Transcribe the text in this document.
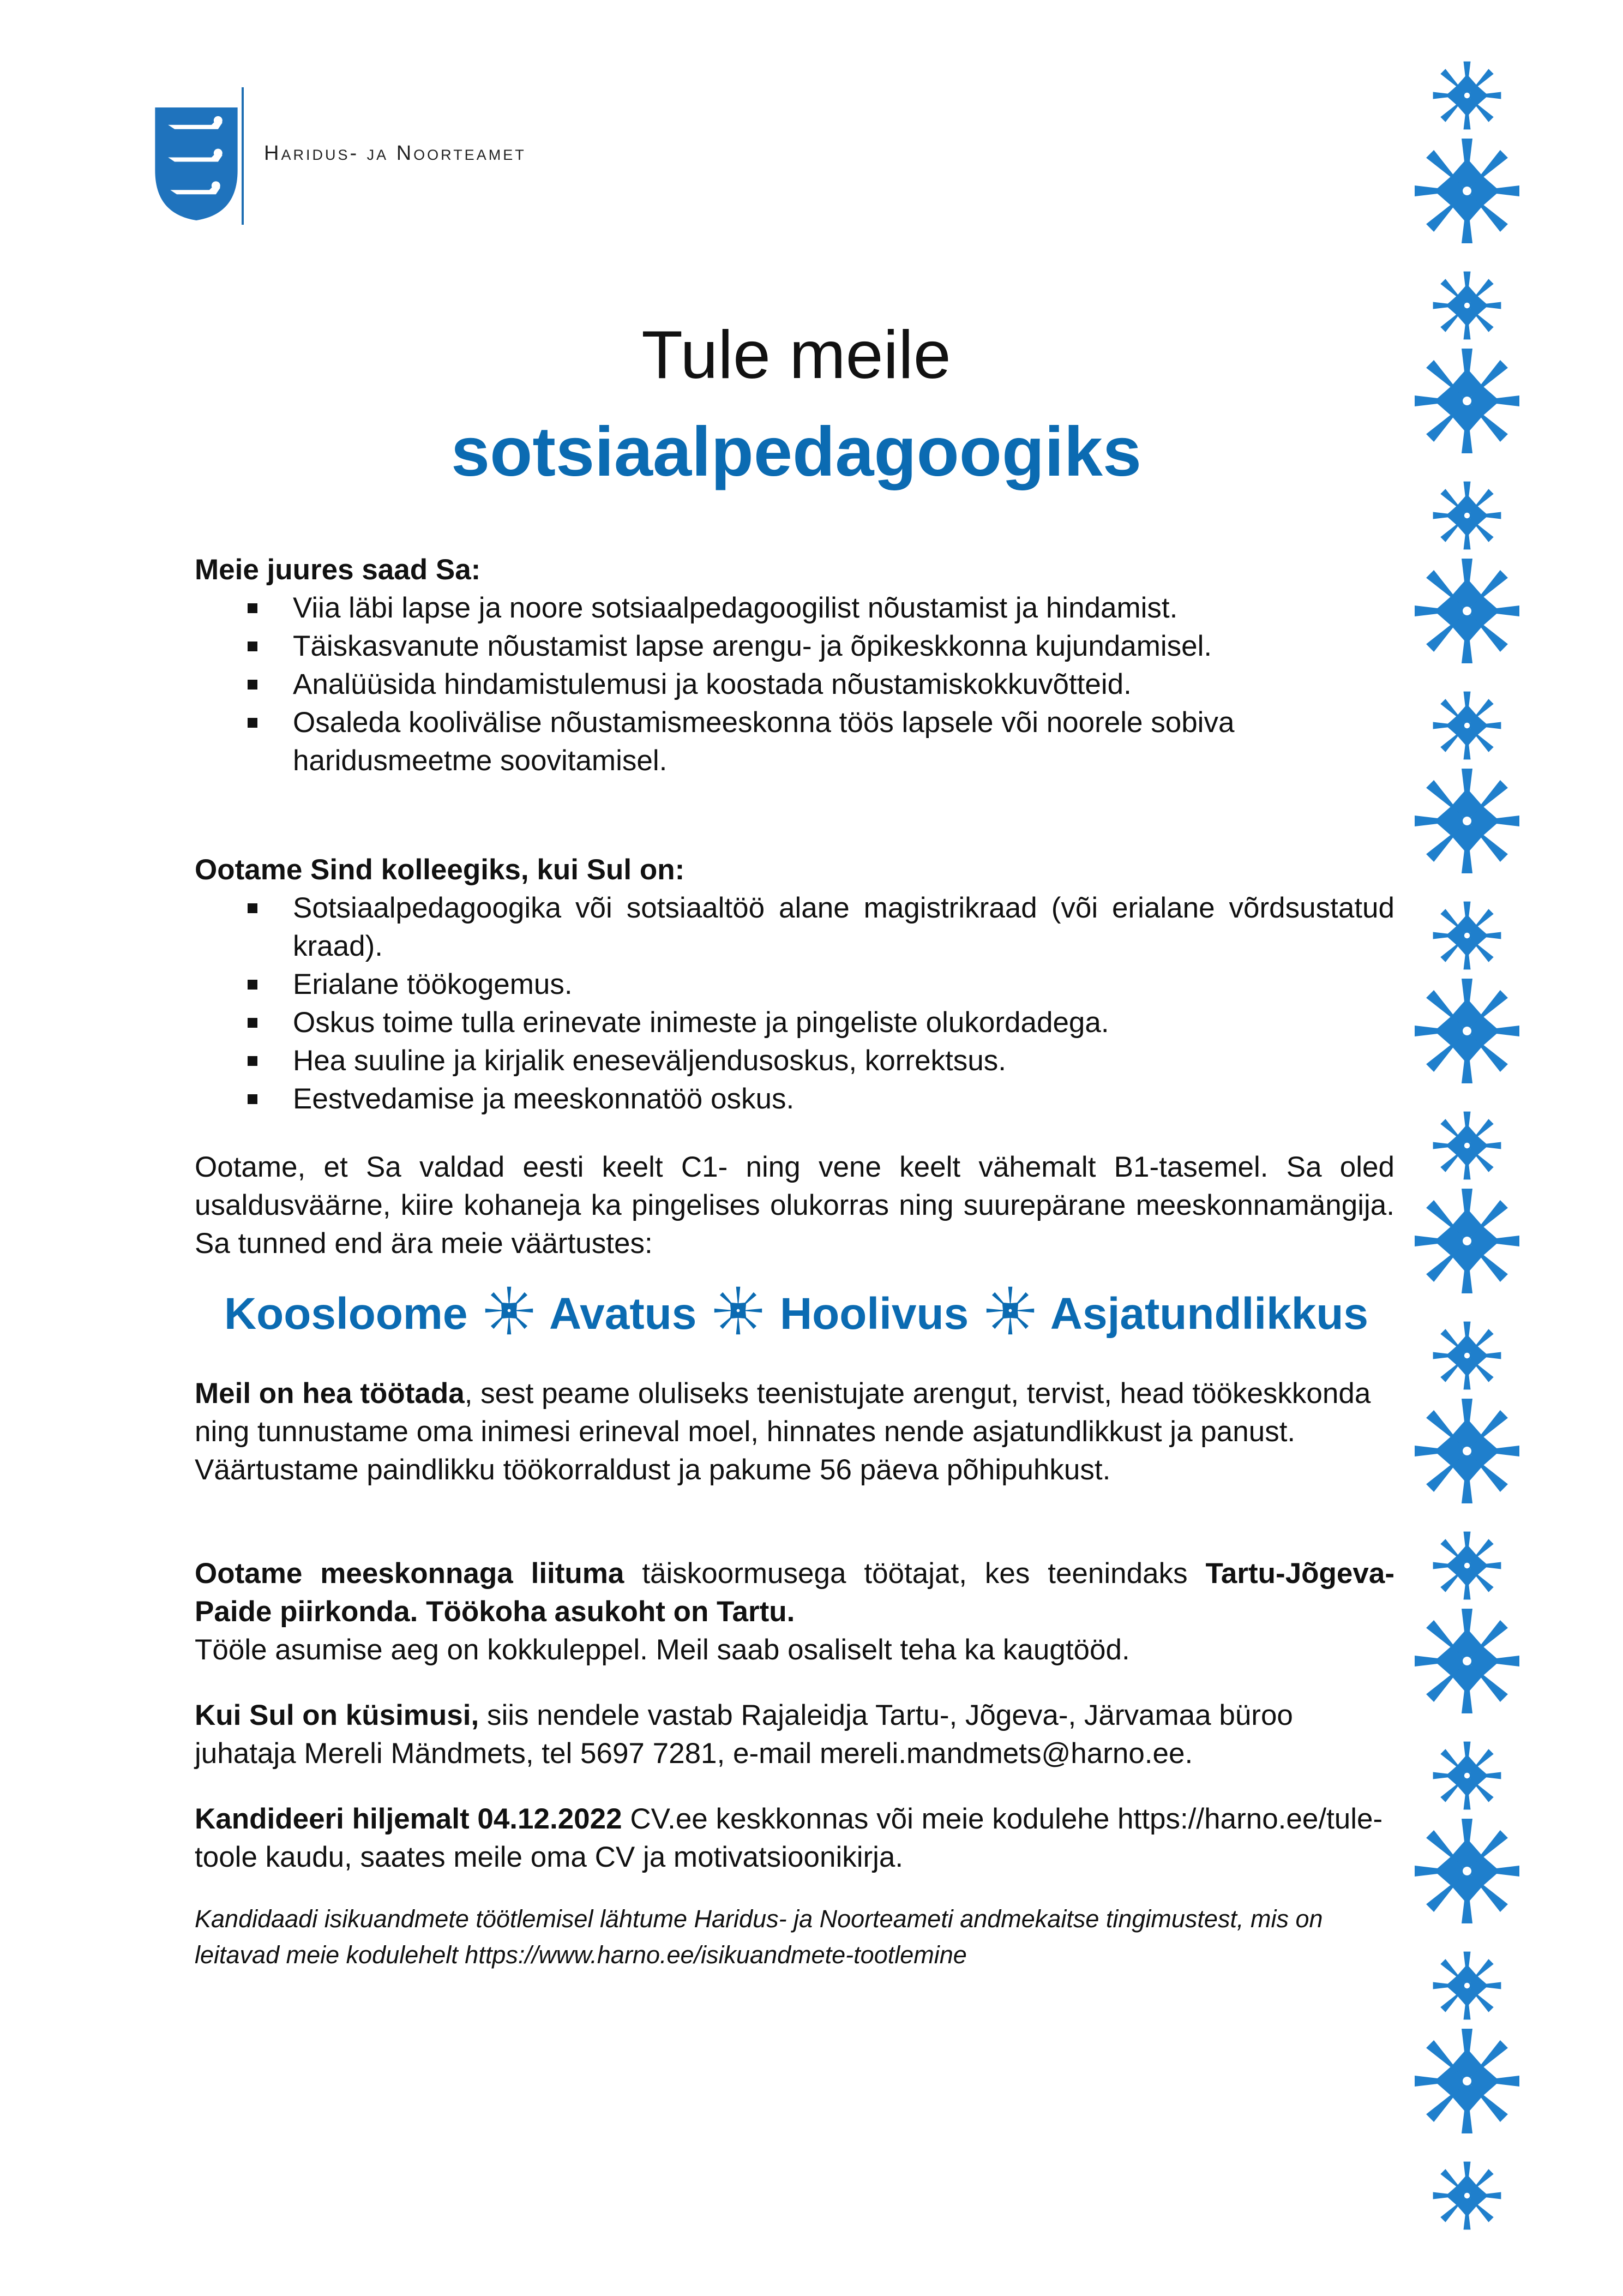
Haridus- ja Noorteamet
Tule meile
sotsiaalpedagoogiks
Meie juures saad Sa:
Viia läbi lapse ja noore sotsiaalpedagoogilist nõustamist ja hindamist.
Täiskasvanute nõustamist lapse arengu- ja õpikeskkonna kujundamisel.
Analüüsida hindamistulemusi ja koostada nõustamiskokkuvõtteid.
Osaleda koolivälise nõustamismeeskonna töös lapsele või noorele sobiva haridusmeetme soovitamisel.
Ootame Sind kolleegiks, kui Sul on:
Sotsiaalpedagoogika või sotsiaaltöö alane magistrikraad (või erialane võrdsustatud kraad).
Erialane töökogemus.
Oskus toime tulla erinevate inimeste ja pingeliste olukordadega.
Hea suuline ja kirjalik eneseväljendusoskus, korrektsus.
Eestvedamise ja meeskonnatöö oskus.
Ootame, et Sa valdad eesti keelt C1- ning vene keelt vähemalt B1-tasemel. Sa oled usaldusväärne, kiire kohaneja ka pingelises olukorras ning suurepärane meeskonnamängija. Sa tunned end ära meie väärtustes:
Koosloome Avatus Hoolivus Asjatundlikkus
Meil on hea töötada, sest peame oluliseks teenistujate arengut, tervist, head töökeskkonda ning tunnustame oma inimesi erineval moel, hinnates nende asjatundlikkust ja panust. Väärtustame paindlikku töökorraldust ja pakume 56 päeva põhipuhkust.
Ootame meeskonnaga liituma täiskoormusega töötajat, kes teenindaks Tartu-Jõgeva-Paide piirkonda. Töökoha asukoht on Tartu.
Tööle asumise aeg on kokkuleppel. Meil saab osaliselt teha ka kaugtööd.
Kui Sul on küsimusi, siis nendele vastab Rajaleidja Tartu-, Jõgeva-, Järvamaa büroo juhataja Mereli Mändmets, tel 5697 7281, e-mail mereli.mandmets@harno.ee.
Kandideeri hiljemalt 04.12.2022 CV.ee keskkonnas või meie kodulehe https://harno.ee/tule-toole kaudu, saates meile oma CV ja motivatsioonikirja.
Kandidaadi isikuandmete töötlemisel lähtume Haridus- ja Noorteameti andmekaitse tingimustest, mis on leitavad meie kodulehelt https://www.harno.ee/isikuandmete-tootlemine
